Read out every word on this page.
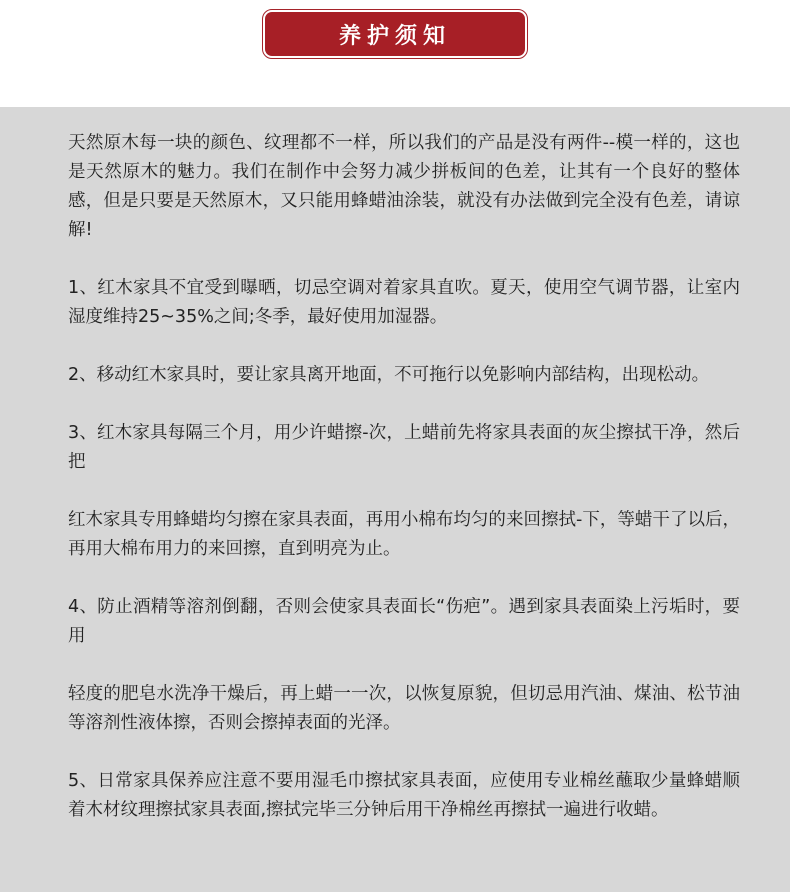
养护须知

天然原木每一块的颜色、纹理都不一样，所以我们的产品是没有两件--模一样的，这也是天然原木的魅力。我们在制作中会努力减少拼板间的色差，让其有一个良好的整体感，但是只要是天然原木，又只能用蜂蜡油涂装，就没有办法做到完全没有色差，请谅解!

1、红木家具不宜受到曝晒，切忌空调对着家具直吹。夏天，使用空气调节器，让室内湿度维持25~35%之间;冬季，最好使用加湿器。

2、移动红木家具时，要让家具离开地面，不可拖行以免影响内部结构，出现松动。

3、红木家具每隔三个月，用少许蜡擦-次，上蜡前先将家具表面的灰尘擦拭干净，然后把

红木家具专用蜂蜡均匀擦在家具表面，再用小棉布均匀的来回擦拭-下，等蜡干了以后，再用大棉布用力的来回擦，直到明亮为止。

4、防止酒精等溶剂倒翻，否则会使家具表面长“伤疤”。遇到家具表面染上污垢时，要用

轻度的肥皂水洗净干燥后，再上蜡一一次，以恢复原貌，但切忌用汽油、煤油、松节油等溶剂性液体擦，否则会擦掉表面的光泽。

5、日常家具保养应注意不要用湿毛巾擦拭家具表面，应使用专业棉丝蘸取少量蜂蜡顺着木材纹理擦拭家具表面,擦拭完毕三分钟后用干净棉丝再擦拭一遍进行收蜡。
